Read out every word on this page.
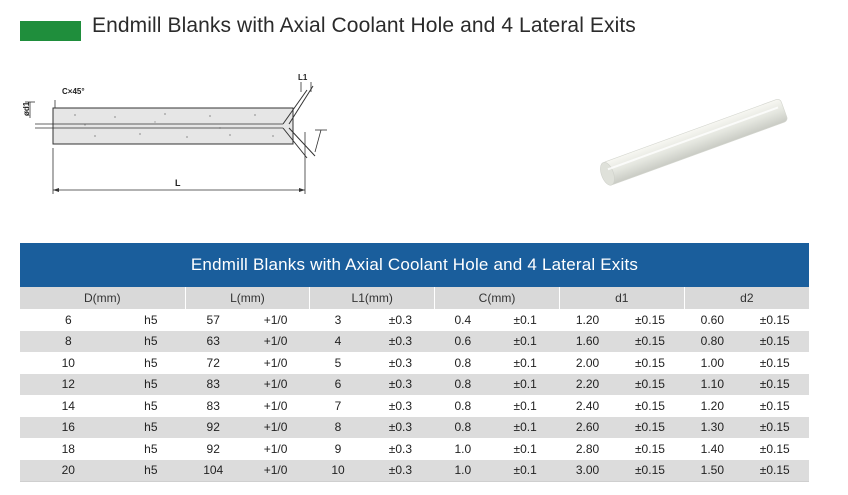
Endmill Blanks with Axial Coolant Hole and 4 Lateral Exits
ød1
C×45°
L1
L
Endmill Blanks with Axial Coolant Hole and 4 Lateral Exits
D(mm)		L(mm)		L1(mm)		C(mm)		d1		d2	
6	h5	57	+1/0	3	±0.3	0.4	±0.1	1.20	±0.15	0.60	±0.15
8	h5	63	+1/0	4	±0.3	0.6	±0.1	1.60	±0.15	0.80	±0.15
10	h5	72	+1/0	5	±0.3	0.8	±0.1	2.00	±0.15	1.00	±0.15
12	h5	83	+1/0	6	±0.3	0.8	±0.1	2.20	±0.15	1.10	±0.15
14	h5	83	+1/0	7	±0.3	0.8	±0.1	2.40	±0.15	1.20	±0.15
16	h5	92	+1/0	8	±0.3	0.8	±0.1	2.60	±0.15	1.30	±0.15
18	h5	92	+1/0	9	±0.3	1.0	±0.1	2.80	±0.15	1.40	±0.15
20	h5	104	+1/0	10	±0.3	1.0	±0.1	3.00	±0.15	1.50	±0.15
